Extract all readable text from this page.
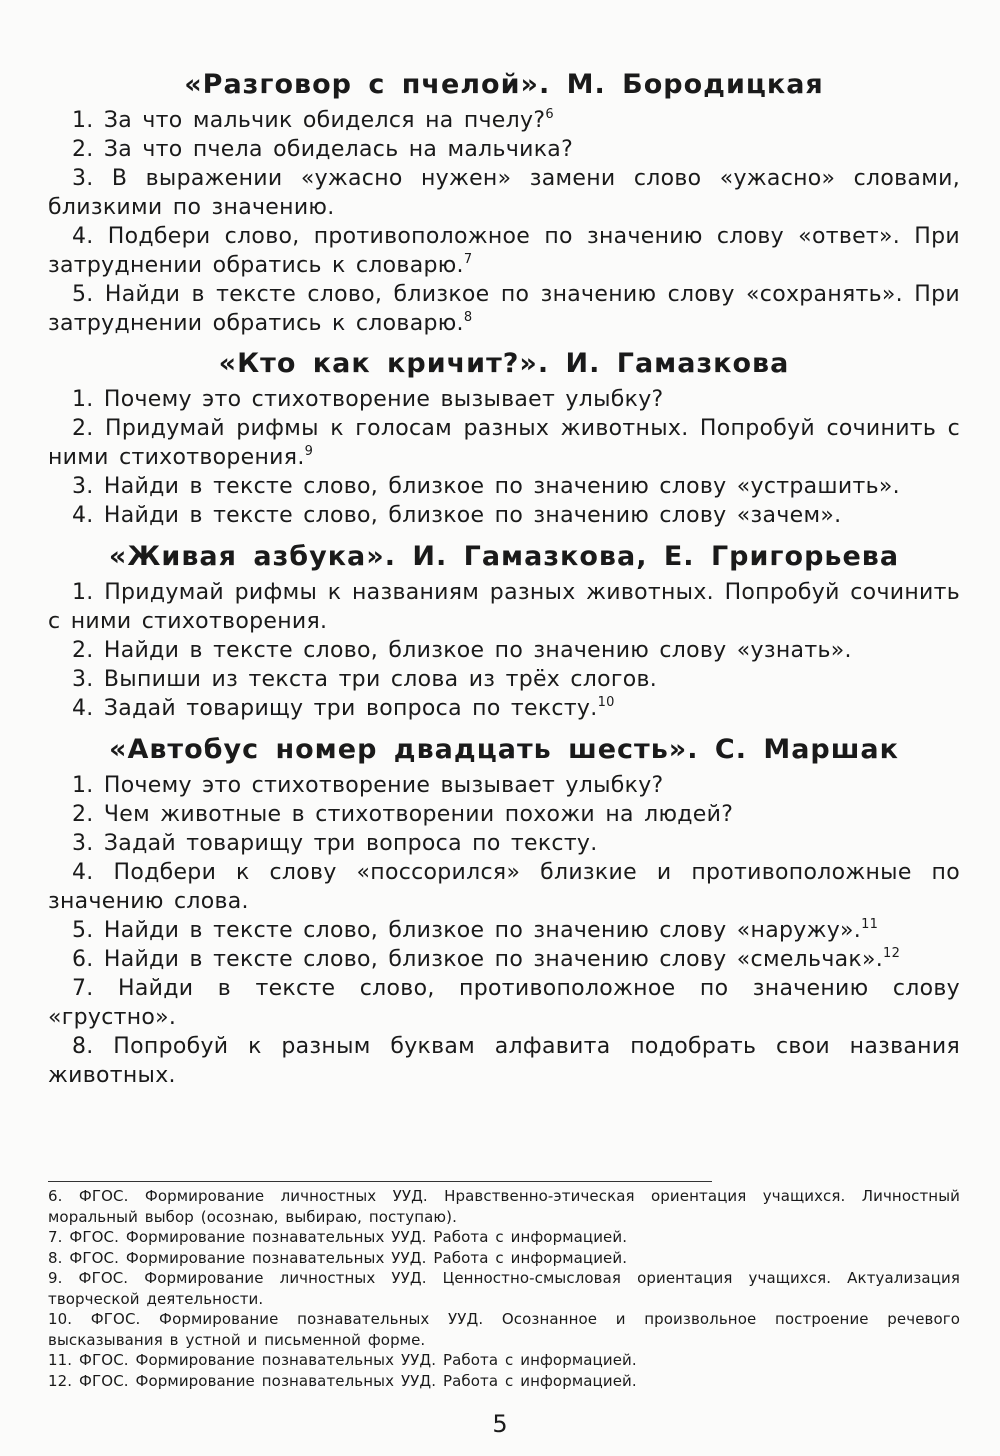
«Разговор с пчелой». М. Бородицкая

1. За что мальчик обиделся на пчелу?$^6$

2. За что пчела обиделась на мальчика?

3. В выражении «ужасно нужен» замени слово «ужасно» словами, близкими по значению.

4. Подбери слово, противоположное по значению слову «ответ». При затруднении обратись к словарю.$^7$

5. Найди в тексте слово, близкое по значению слову «сохранять». При затруднении обратись к словарю.$^8$

«Кто как кричит?». И. Гамазкова

1. Почему это стихотворение вызывает улыбку?

2. Придумай рифмы к голосам разных животных. Попробуй сочинить с ними стихотворения.$^9$

3. Найди в тексте слово, близкое по значению слову «устрашить».

4. Найди в тексте слово, близкое по значению слову «зачем».

«Живая азбука». И. Гамазкова, Е. Григорьева

1. Придумай рифмы к названиям разных животных. Попробуй сочинить с ними стихотворения.

2. Найди в тексте слово, близкое по значению слову «узнать».

3. Выпиши из текста три слова из трёх слогов.

4. Задай товарищу три вопроса по тексту.$^{10}$

«Автобус номер двадцать шесть». С. Маршак

1. Почему это стихотворение вызывает улыбку?

2. Чем животные в стихотворении похожи на людей?

3. Задай товарищу три вопроса по тексту.

4. Подбери к слову «поссорился» близкие и противоположные по значению слова.

5. Найди в тексте слово, близкое по значению слову «наружу».$^{11}$

6. Найди в тексте слово, близкое по значению слову «смельчак».$^{12}$

7. Найди в тексте слово, противоположное по значению слову «грустно».

8. Попробуй к разным буквам алфавита подобрать свои названия животных.

6. ФГОС. Формирование личностных УУД. Нравственно-этическая ориентация учащихся. Личностный моральный выбор (осознаю, выбираю, поступаю).

7. ФГОС. Формирование познавательных УУД. Работа с информацией.

8. ФГОС. Формирование познавательных УУД. Работа с информацией.

9. ФГОС. Формирование личностных УУД. Ценностно-смысловая ориентация учащихся. Актуализация творческой деятельности.

10. ФГОС. Формирование познавательных УУД. Осознанное и произвольное построение речевого высказывания в устной и письменной форме.

11. ФГОС. Формирование познавательных УУД. Работа с информацией.

12. ФГОС. Формирование познавательных УУД. Работа с информацией.

5
